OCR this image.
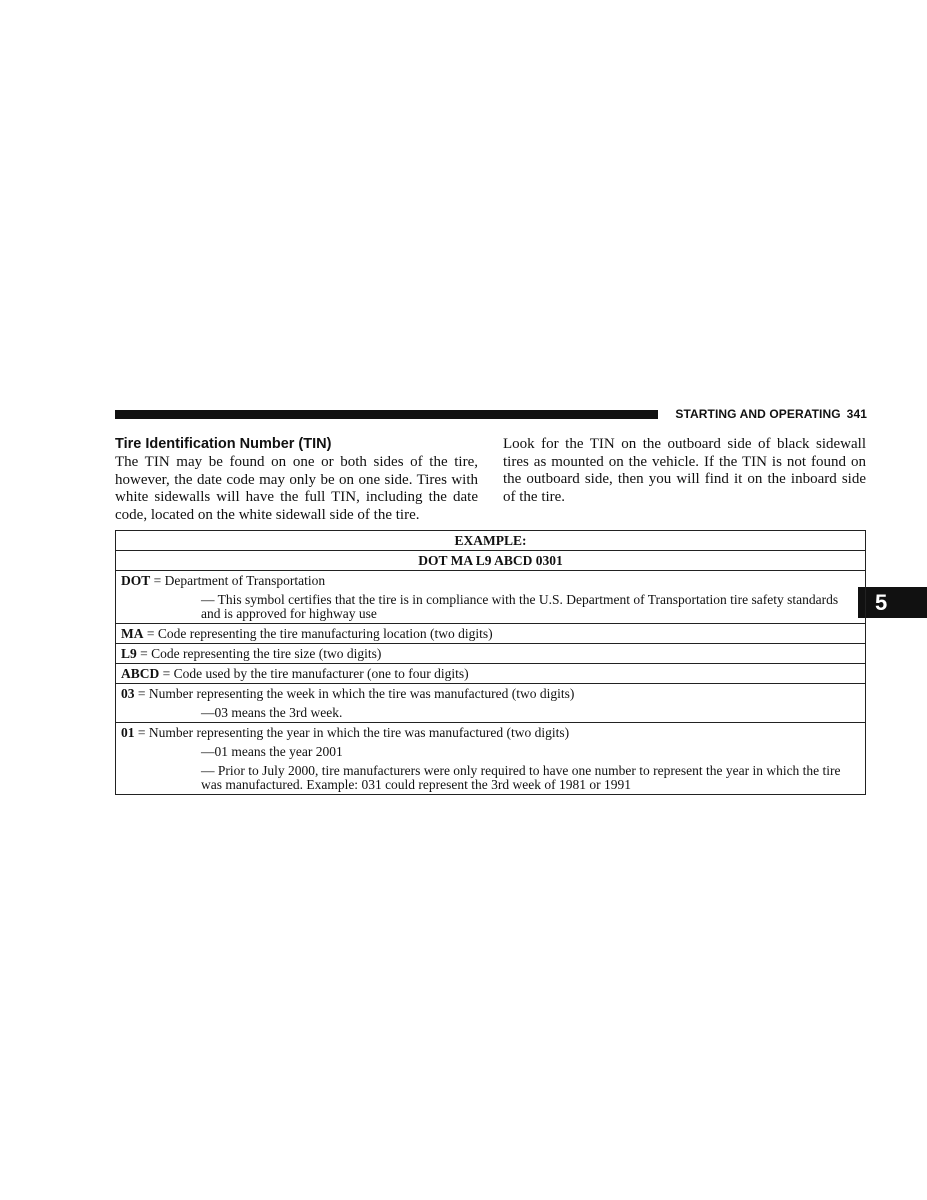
STARTING AND OPERATING 341
5
Tire Identification Number (TIN)

The TIN may be found on one or both sides of the tire, however, the date code may only be on one side. Tires with white sidewalls will have the full TIN, including the date code, located on the white sidewall side of the tire.

Look for the TIN on the outboard side of black sidewall tires as mounted on the vehicle. If the TIN is not found on the outboard side, then you will find it on the inboard side of the tire.

EXAMPLE:
DOT MA L9 ABCD 0301
DOT = Department of Transportation
— This symbol certifies that the tire is in compliance with the U.S. Department of Transportation tire safety standards and is approved for highway use

MA = Code representing the tire manufacturing location (two digits)
L9 = Code representing the tire size (two digits)
ABCD = Code used by the tire manufacturer (one to four digits)
03 = Number representing the week in which the tire was manufactured (two digits)
—03 means the 3rd week.

01 = Number representing the year in which the tire was manufactured (two digits)
—01 means the year 2001
— Prior to July 2000, tire manufacturers were only required to have one number to represent the year in which the tire was manufactured. Example: 031 could represent the 3rd week of 1981 or 1991
